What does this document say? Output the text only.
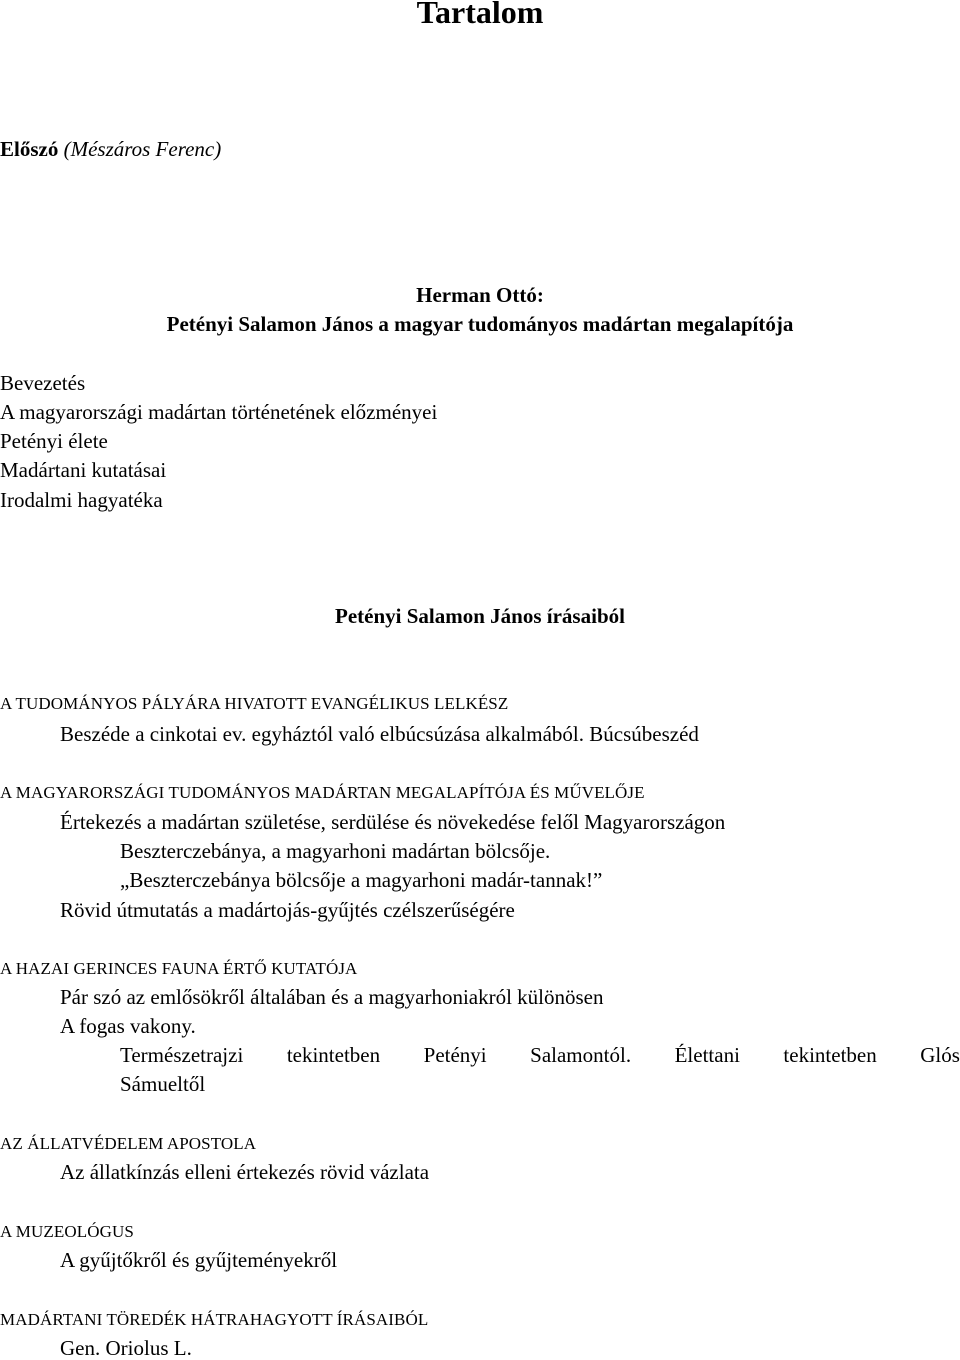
Tartalom
Előszó (Mészáros Ferenc)
Herman Ottó:
Petényi Salamon János a magyar tudományos madártan megalapítója
Bevezetés
A magyarországi madártan történetének előzményei
Petényi élete
Madártani kutatásai
Irodalmi hagyatéka
Petényi Salamon János írásaiból
A TUDOMÁNYOS PÁLYÁRA HIVATOTT EVANGÉLIKUS LELKÉSZ
Beszéde a cinkotai ev. egyháztól való elbúcsúzása alkalmából. Búcsúbeszéd
A MAGYARORSZÁGI TUDOMÁNYOS MADÁRTAN MEGALAPÍTÓJA ÉS MŰVELŐJE
Értekezés a madártan születése, serdülése és növekedése felől Magyarországon
Beszterczebánya, a magyarhoni madártan bölcsője.
„Beszterczebánya bölcsője a magyarhoni madár-tannak!”
Rövid útmutatás a madártojás-gyűjtés czélszerűségére
A HAZAI GERINCES FAUNA ÉRTŐ KUTATÓJA
Pár szó az emlősökről általában és a magyarhoniakról különösen
A fogas vakony.
Természetrajzi tekintetben Petényi Salamontól. Élettani tekintetben Glós
Sámueltől
AZ ÁLLATVÉDELEM APOSTOLA
Az állatkínzás elleni értekezés rövid vázlata
A MUZEOLÓGUS
A gyűjtőkről és gyűjteményekről
MADÁRTANI TÖREDÉK HÁTRAHAGYOTT ÍRÁSAIBÓL
Gen. Oriolus L.
